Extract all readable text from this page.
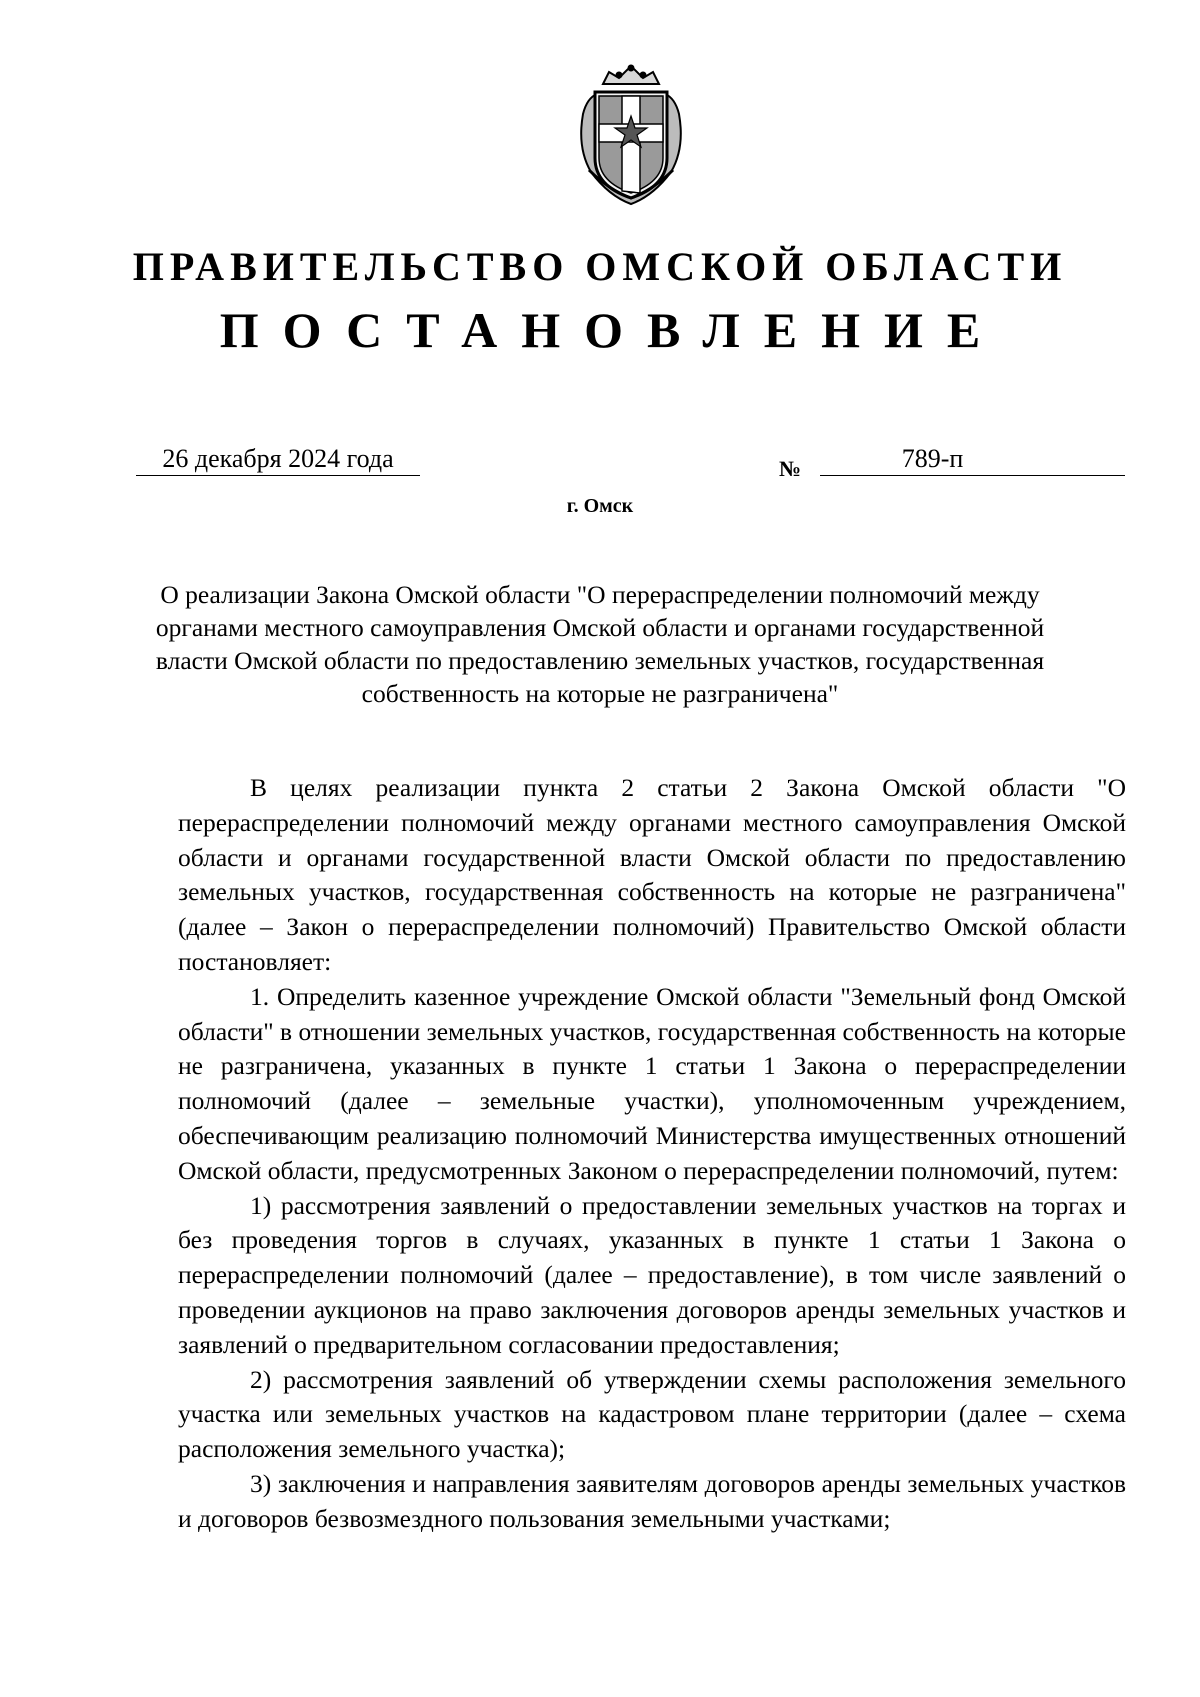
ПРАВИТЕЛЬСТВО ОМСКОЙ ОБЛАСТИ
ПОСТАНОВЛЕНИЕ
26 декабря 2024 года	№	789-п
г. Омск
О реализации Закона Омской области "О перераспределении полномочий между органами местного самоуправления Омской области и органами государственной власти Омской области по предоставлению земельных участков, государственная собственность на которые не разграничена"

В целях реализации пункта 2 статьи 2 Закона Омской области "О перераспределении полномочий между органами местного самоуправления Омской области и органами государственной власти Омской области по предоставлению земельных участков, государственная собственность на которые не разграничена" (далее – Закон о перераспределении полномочий) Правительство Омской области постановляет:

1. Определить казенное учреждение Омской области "Земельный фонд Омской области" в отношении земельных участков, государственная собственность на которые не разграничена, указанных в пункте 1 статьи 1 Закона о перераспределении полномочий (далее – земельные участки), уполномоченным учреждением, обеспечивающим реализацию полномочий Министерства имущественных отношений Омской области, предусмотренных Законом о перераспределении полномочий, путем:

1) рассмотрения заявлений о предоставлении земельных участков на торгах и без проведения торгов в случаях, указанных в пункте 1 статьи 1 Закона о перераспределении полномочий (далее – предоставление), в том числе заявлений о проведении аукционов на право заключения договоров аренды земельных участков и заявлений о предварительном согласовании предоставления;

2) рассмотрения заявлений об утверждении схемы расположения земельного участка или земельных участков на кадастровом плане территории (далее – схема расположения земельного участка);

3) заключения и направления заявителям договоров аренды земельных участков и договоров безвозмездного пользования земельными участками;
